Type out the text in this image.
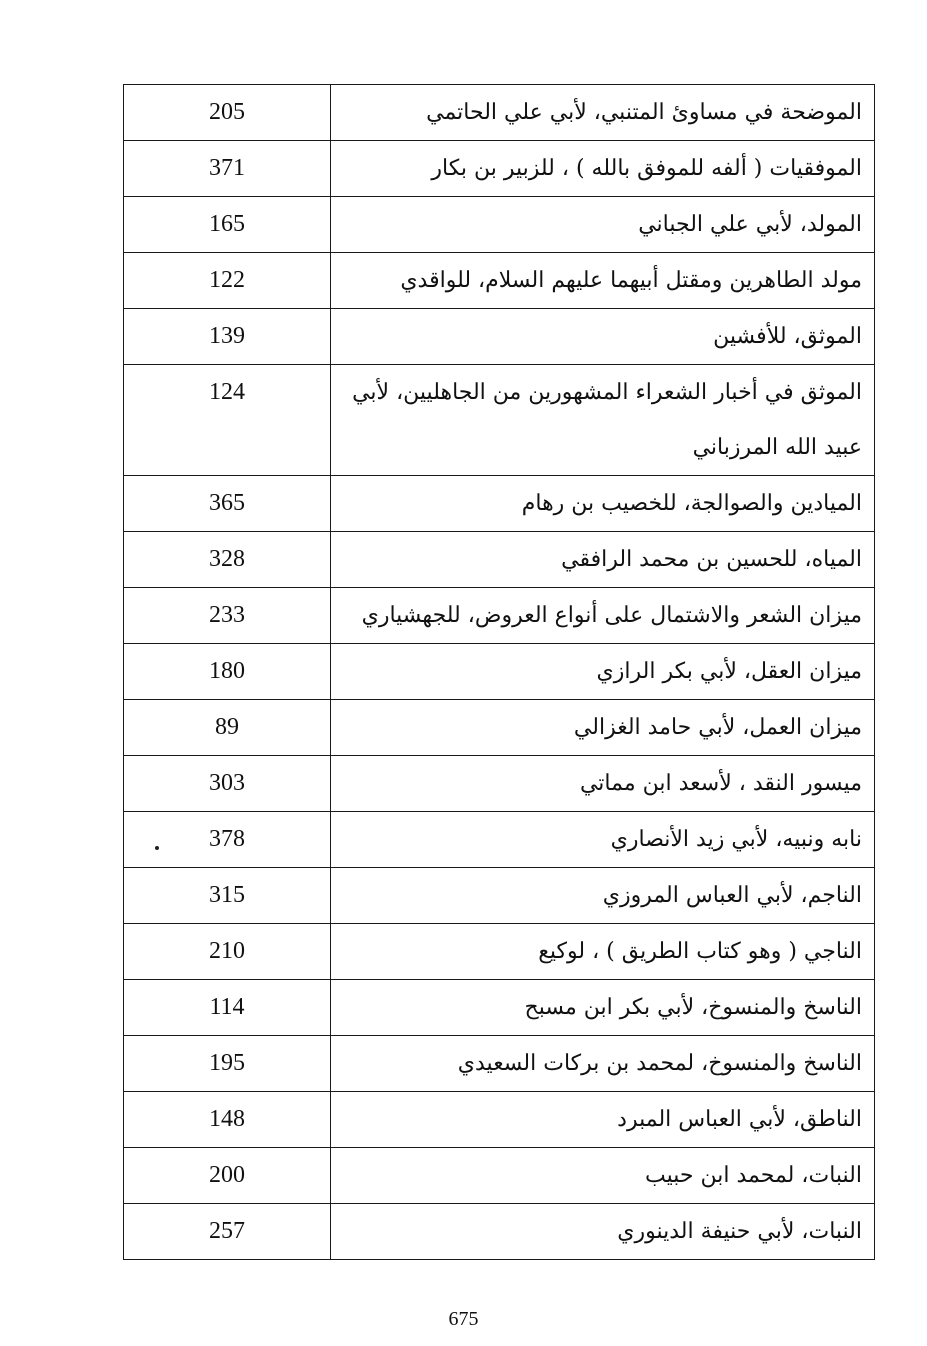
205	الموضحة في مساوئ المتنبي، لأبي علي الحاتمي
371	الموفقيات ( ألفه للموفق بالله ) ، للزبير بن بكار
165	المولد، لأبي علي الجباني
122	مولد الطاهرين ومقتل أبيهما عليهم السلام، للواقدي
139	الموثق، للأفشين
124	الموثق في أخبار الشعراء المشهورين من الجاهليين، لأبي عبيد الله المرزباني
365	الميادين والصوالجة، للخصيب بن رهام
328	المياه، للحسين بن محمد الرافقي
233	ميزان الشعر والاشتمال على أنواع العروض، للجهشياري
180	ميزان العقل، لأبي بكر الرازي
89	ميزان العمل، لأبي حامد الغزالي
303	ميسور النقد ، لأسعد ابن مماتي
378	نابه ونبيه، لأبي زيد الأنصاري
315	الناجم، لأبي العباس المروزي
210	الناجي ( وهو كتاب الطريق ) ، لوكيع
114	الناسخ والمنسوخ، لأبي بكر ابن مسبح
195	الناسخ والمنسوخ، لمحمد بن بركات السعيدي
148	الناطق، لأبي العباس المبرد
200	النبات، لمحمد ابن حبيب
257	النبات، لأبي حنيفة الدينوري
675
